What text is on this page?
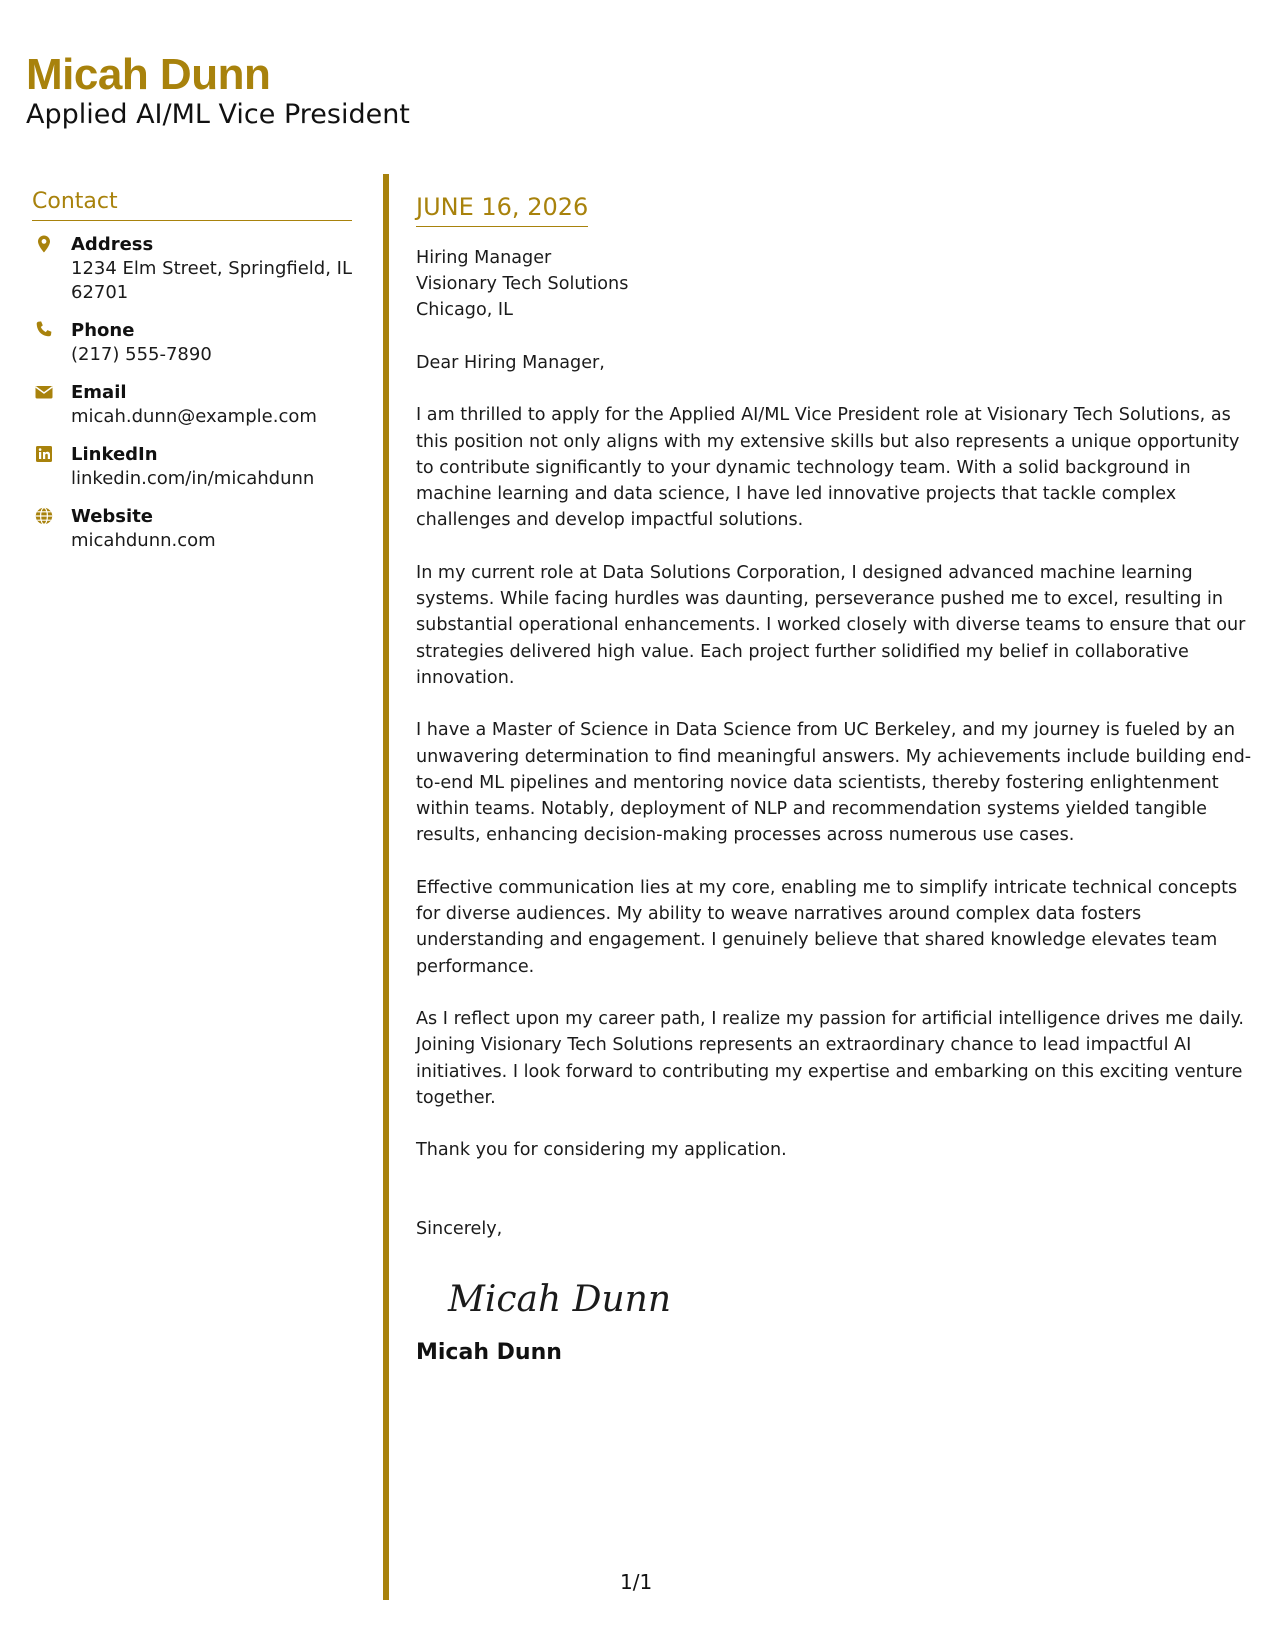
Micah Dunn
Applied AI/ML Vice President
Contact
Address
1234 Elm Street, Springfield, IL 62701
Phone
(217) 555-7890
Email
micah.dunn@example.com
LinkedIn
linkedin.com/in/micahdunn
Website
micahdunn.com
JUNE 16, 2026
Hiring Manager
Visionary Tech Solutions
Chicago, IL
Dear Hiring Manager,
I am thrilled to apply for the Applied AI/ML Vice President role at Visionary Tech Solutions, as this position not only aligns with my extensive skills but also represents a unique opportunity to contribute significantly to your dynamic technology team. With a solid background in machine learning and data science, I have led innovative projects that tackle complex challenges and develop impactful solutions.
In my current role at Data Solutions Corporation, I designed advanced machine learning systems. While facing hurdles was daunting, perseverance pushed me to excel, resulting in substantial operational enhancements. I worked closely with diverse teams to ensure that our strategies delivered high value. Each project further solidified my belief in collaborative innovation.
I have a Master of Science in Data Science from UC Berkeley, and my journey is fueled by an unwavering determination to find meaningful answers. My achievements include building end-to-end ML pipelines and mentoring novice data scientists, thereby fostering enlightenment within teams. Notably, deployment of NLP and recommendation systems yielded tangible results, enhancing decision-making processes across numerous use cases.
Effective communication lies at my core, enabling me to simplify intricate technical concepts for diverse audiences. My ability to weave narratives around complex data fosters understanding and engagement. I genuinely believe that shared knowledge elevates team performance.
As I reflect upon my career path, I realize my passion for artificial intelligence drives me daily. Joining Visionary Tech Solutions represents an extraordinary chance to lead impactful AI initiatives. I look forward to contributing my expertise and embarking on this exciting venture together.
Thank you for considering my application.
Sincerely,
Micah Dunn
Micah Dunn
1/1
